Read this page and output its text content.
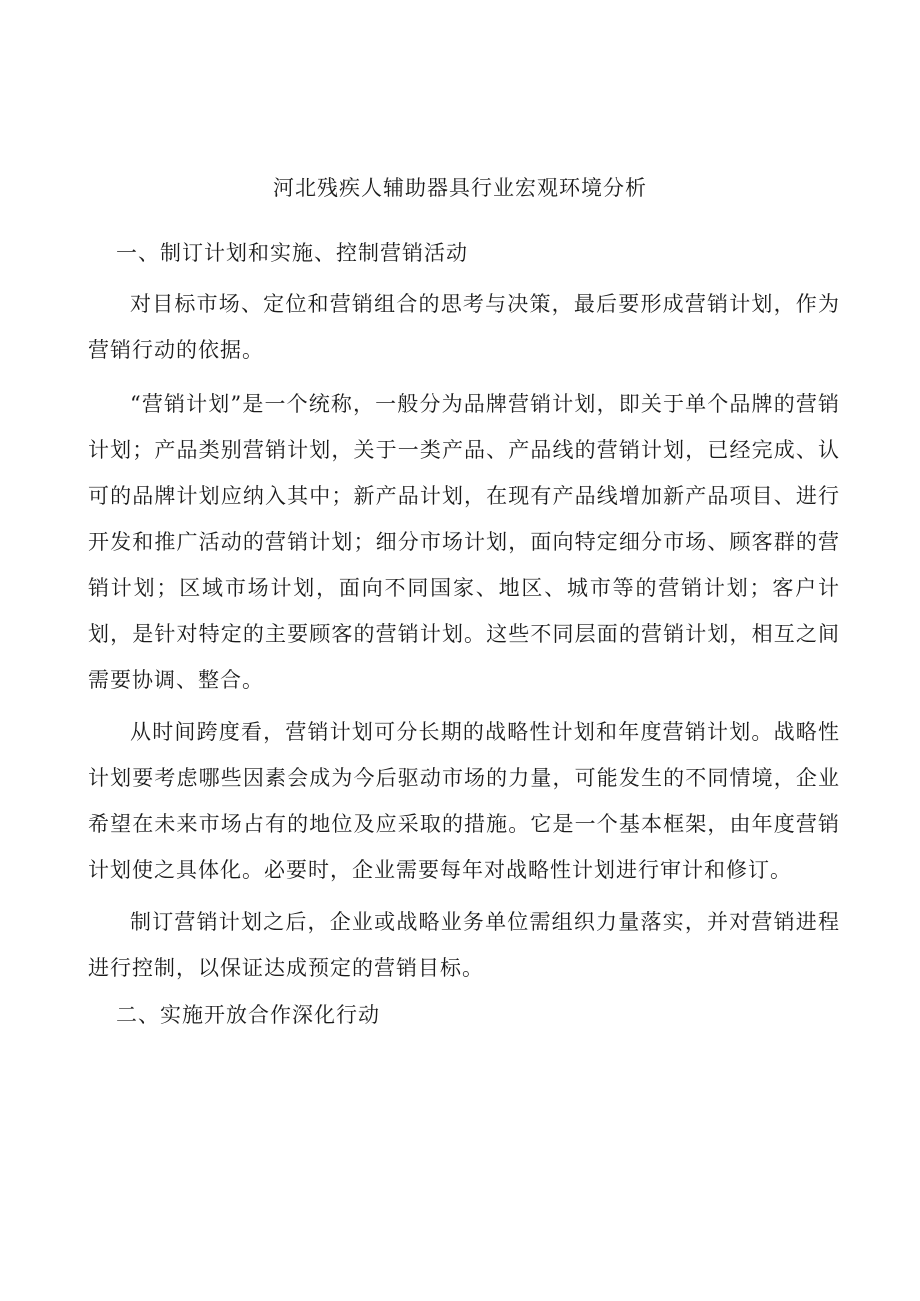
河北残疾人辅助器具行业宏观环境分析
一、制订计划和实施、控制营销活动

对目标市场、定位和营销组合的思考与决策，最后要形成营销计划，作为营销行动的依据。

“营销计划”是一个统称，一般分为品牌营销计划，即关于单个品牌的营销计划；产品类别营销计划，关于一类产品、产品线的营销计划，已经完成、认可的品牌计划应纳入其中；新产品计划，在现有产品线增加新产品项目、进行开发和推广活动的营销计划；细分市场计划，面向特定细分市场、顾客群的营销计划；区域市场计划，面向不同国家、地区、城市等的营销计划；客户计划，是针对特定的主要顾客的营销计划。这些不同层面的营销计划，相互之间需要协调、整合。

从时间跨度看，营销计划可分长期的战略性计划和年度营销计划。战略性计划要考虑哪些因素会成为今后驱动市场的力量，可能发生的不同情境，企业希望在未来市场占有的地位及应采取的措施。它是一个基本框架，由年度营销计划使之具体化。必要时，企业需要每年对战略性计划进行审计和修订。

制订营销计划之后，企业或战略业务单位需组织力量落实，并对营销进程进行控制，以保证达成预定的营销目标。

二、实施开放合作深化行动
